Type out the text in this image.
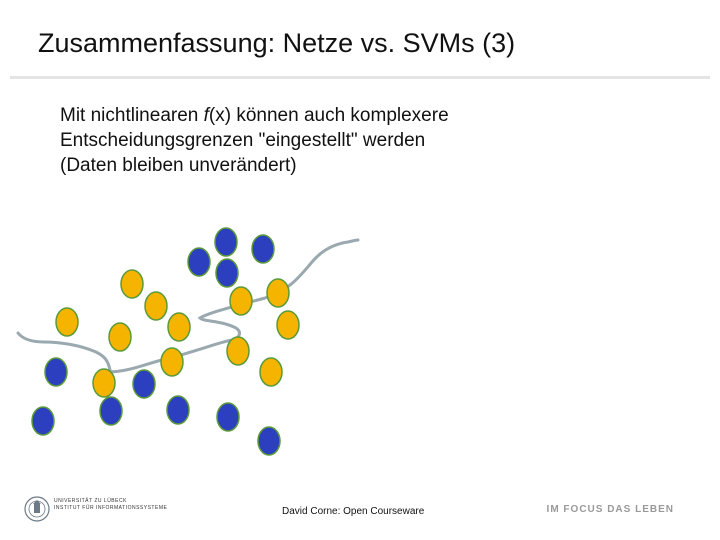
Zusammenfassung: Netze vs. SVMs (3)
Mit nichtlinearen f(x) können auch komplexere
Entscheidungsgrenzen "eingestellt" werden
(Daten bleiben unverändert)
UNIVERSITÄT ZU LÜBECK
INSTITUT FÜR INFORMATIONSSYSTEME	David Corne: Open Courseware	IM FOCUS DAS LEBEN
